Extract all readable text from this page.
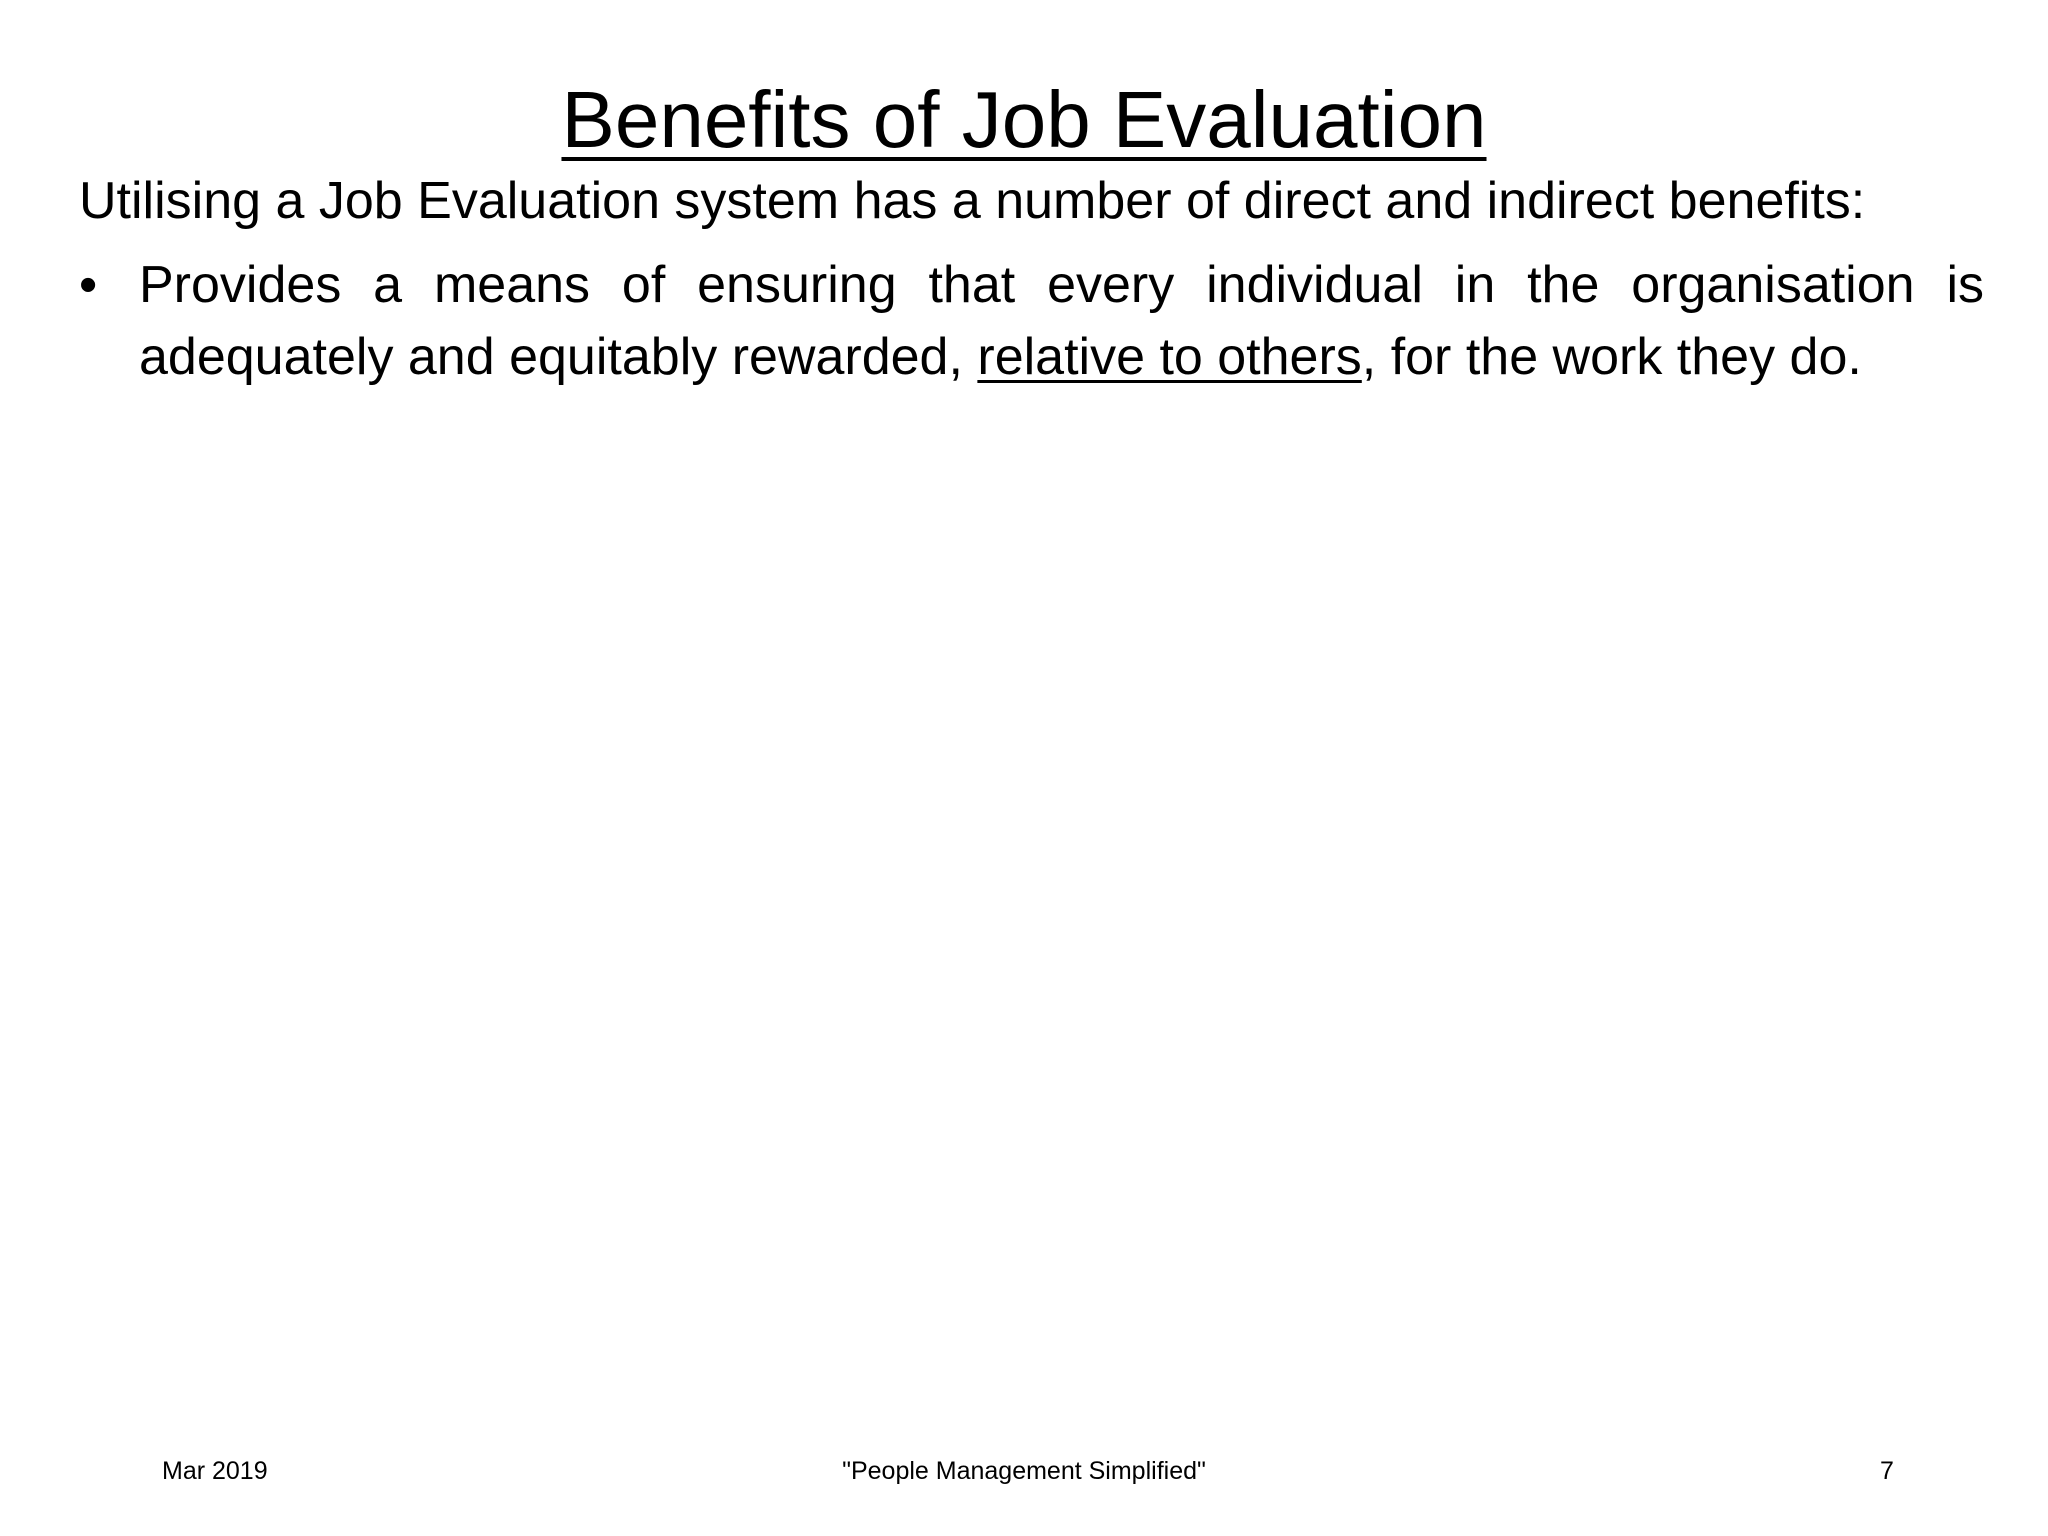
Benefits of Job Evaluation

Utilising a Job Evaluation system has a number of direct and indirect benefits:

• Provides a means of ensuring that every individual in the organisation is adequately and equitably rewarded, relative to others, for the work they do.
Mar 2019	"People Management Simplified"	7
